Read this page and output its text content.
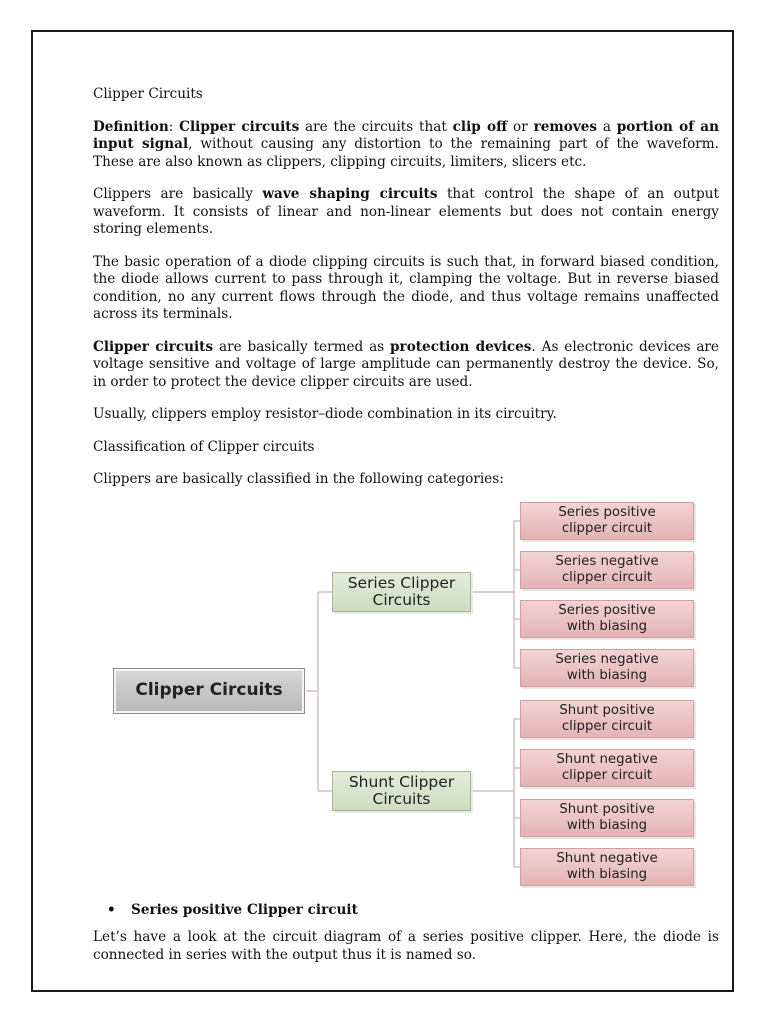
Clipper Circuits

Definition: Clipper circuits are the circuits that clip off or removes a portion of an input signal, without causing any distortion to the remaining part of the waveform. These are also known as clippers, clipping circuits, limiters, slicers etc.

Clippers are basically wave shaping circuits that control the shape of an output waveform. It consists of linear and non-linear elements but does not contain energy storing elements.

The basic operation of a diode clipping circuits is such that, in forward biased condition, the diode allows current to pass through it, clamping the voltage. But in reverse biased condition, no any current flows through the diode, and thus voltage remains unaffected across its terminals.

Clipper circuits are basically termed as protection devices. As electronic devices are voltage sensitive and voltage of large amplitude can permanently destroy the device. So, in order to protect the device clipper circuits are used.

Usually, clippers employ resistor–diode combination in its circuitry.

Classification of Clipper circuits
Clippers are basically classified in the following categories:
Clipper Circuits
Series Clipper
Circuits
Shunt Clipper
Circuits
Series positive
clipper circuit
Series negative
clipper circuit
Series positive
with biasing
Series negative
with biasing
Shunt positive
clipper circuit
Shunt negative
clipper circuit
Shunt positive
with biasing
Shunt negative
with biasing
•	Series positive Clipper circuit

Let’s have a look at the circuit diagram of a series positive clipper. Here, the diode is connected in series with the output thus it is named so.
